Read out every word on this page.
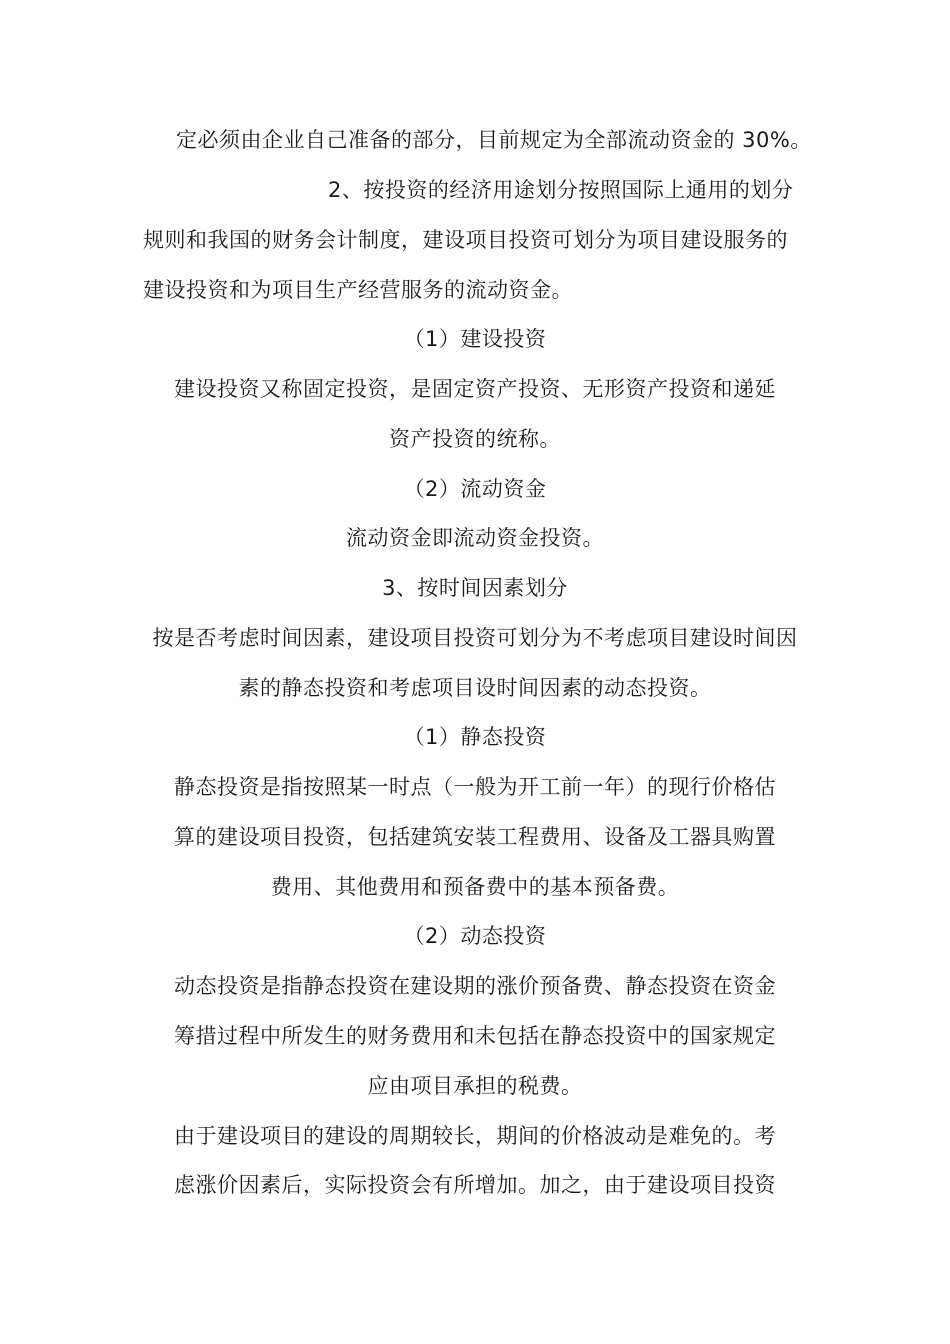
定必须由企业自己准备的部分，目前规定为全部流动资金的 30%。
2、按投资的经济用途划分按照国际上通用的划分
规则和我国的财务会计制度，建设项目投资可划分为项目建设服务的
建设投资和为项目生产经营服务的流动资金。
（1）建设投资
建设投资又称固定投资，是固定资产投资、无形资产投资和递延
资产投资的统称。
（2）流动资金
流动资金即流动资金投资。
3、按时间因素划分
按是否考虑时间因素，建设项目投资可划分为不考虑项目建设时间因
素的静态投资和考虑项目设时间因素的动态投资。
（1）静态投资
静态投资是指按照某一时点（一般为开工前一年）的现行价格估
算的建设项目投资，包括建筑安装工程费用、设备及工器具购置
费用、其他费用和预备费中的基本预备费。
（2）动态投资
动态投资是指静态投资在建设期的涨价预备费、静态投资在资金
筹措过程中所发生的财务费用和未包括在静态投资中的国家规定
应由项目承担的税费。
由于建设项目的建设的周期较长，期间的价格波动是难免的。考
虑涨价因素后，实际投资会有所增加。加之，由于建设项目投资
